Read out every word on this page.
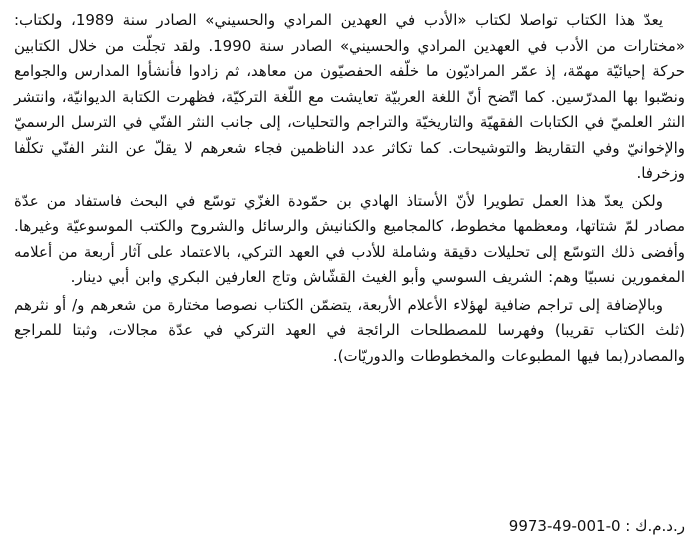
يعدّ هذا الكتاب تواصلا لكتاب «الأدب في العهدين المرادي والحسيني» الصادر سنة 1989، ولكتاب: «مختارات من الأدب في العهدين المرادي والحسيني» الصادر سنة 1990. ولقد تجلّت من خلال الكتابين حركة إحيائيّة مهمّة، إذ عمّر المراديّون ما خلّفه الحفصيّون من معاهد، ثم زادوا فأنشأوا المدارس والجوامع ونصّبوا بها المدرّسين. كما اتّضح أنّ اللغة العربيّة تعايشت مع اللّغة التركيّة، فظهرت الكتابة الديوانيّة، وانتشر النثر العلميّ في الكتابات الفقهيّة والتاريخيّة والتراجم والتحليات، إلى جانب النثر الفنّي في الترسل الرسميّ والإخوانيّ وفي التقاريظ والتوشيحات. كما تكاثر عدد الناظمين فجاء شعرهم لا يقلّ عن النثر الفنّي تكلّفا وزخرفا.

ولكن يعدّ هذا العمل تطويرا لأنّ الأستاذ الهادي بن حمّودة الغزّي توسّع في البحث فاستفاد من عدّة مصادر لمّ شتاتها، ومعظمها مخطوط، كالمجاميع والكنانيش والرسائل والشروح والكتب الموسوعيّة وغيرها. وأفضى ذلك التوسّع إلى تحليلات دقيقة وشاملة للأدب في العهد التركي، بالاعتماد على آثار أربعة من أعلامه المغمورين نسبيّا وهم: الشريف السوسي وأبو الغيث القشّاش وتاج العارفين البكري وابن أبي دينار.

وبالإضافة إلى تراجم ضافية لهؤلاء الأعلام الأربعة، يتضمّن الكتاب نصوصا مختارة من شعرهم و/ أو نثرهم (ثلث الكتاب تقريبا) وفهرسا للمصطلحات الرائجة في العهد التركي في عدّة مجالات، وثبتا للمراجع والمصادر(بما فيها المطبوعات والمخطوطات والدوريّات).

ر.د.م.ك : 0-001-49-9973
